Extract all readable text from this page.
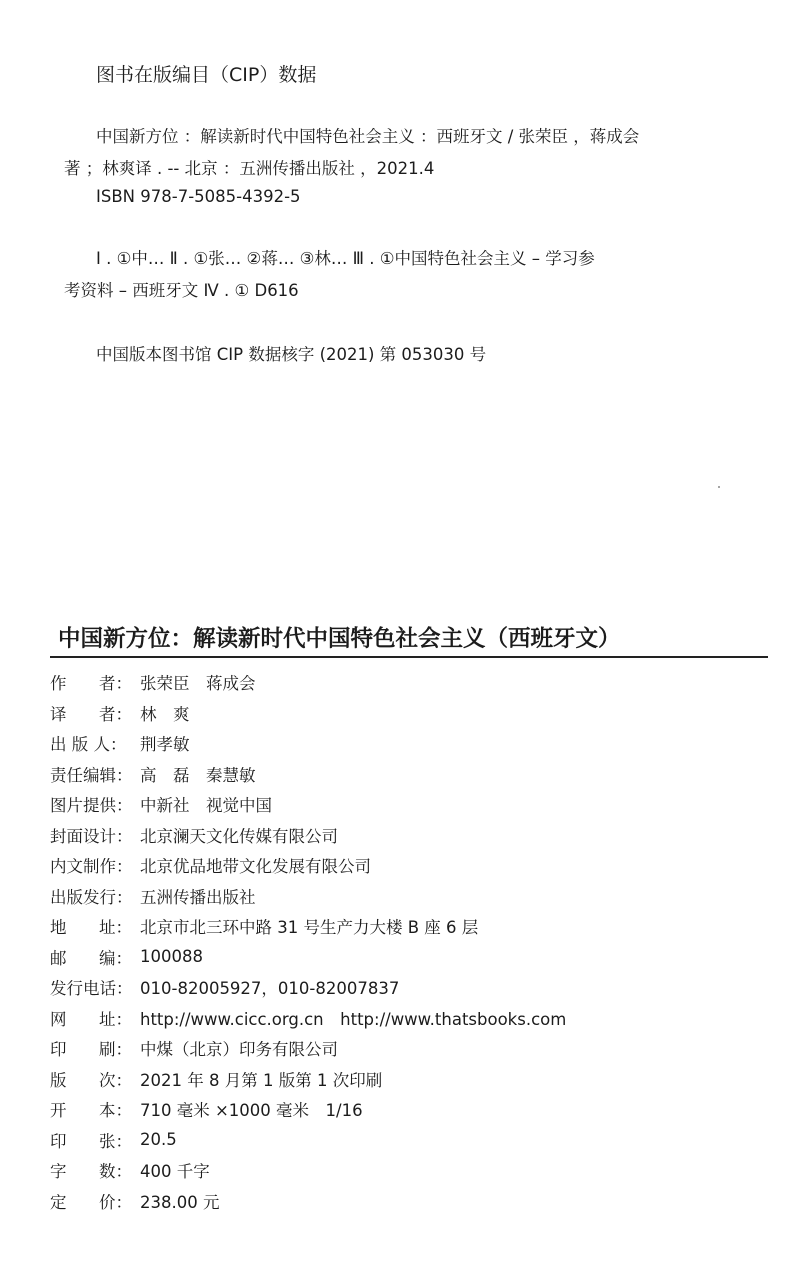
图书在版编目（CIP）数据
中国新方位 ：解读新时代中国特色社会主义 ：西班牙文 / 张荣臣 ，蒋成会
著 ；林爽译 . -- 北京 ：五洲传播出版社 ，2021.4
ISBN 978-7-5085-4392-5
Ⅰ . ①中… Ⅱ . ①张… ②蒋… ③林… Ⅲ . ①中国特色社会主义 – 学习参
考资料 – 西班牙文 Ⅳ . ① D616
中国版本图书馆 CIP 数据核字 (2021) 第 053030 号
中国新方位：解读新时代中国特色社会主义（西班牙文）
作 者： 张荣臣　蒋成会
译 者： 林　爽
出 版 人： 荆孝敏
责任编辑： 高　磊　秦慧敏
图片提供： 中新社　视觉中国
封面设计： 北京澜天文化传媒有限公司
内文制作： 北京优品地带文化发展有限公司
出版发行： 五洲传播出版社
地 址： 北京市北三环中路 31 号生产力大楼 B 座 6 层
邮 编： 100088
发行电话： 010-82005927，010-82007837
网 址： http://www.cicc.org.cn　http://www.thatsbooks.com
印 刷： 中煤（北京）印务有限公司
版 次： 2021 年 8 月第 1 版第 1 次印刷
开 本： 710 毫米 ×1000 毫米　1/16
印 张： 20.5
字 数： 400 千字
定 价： 238.00 元
